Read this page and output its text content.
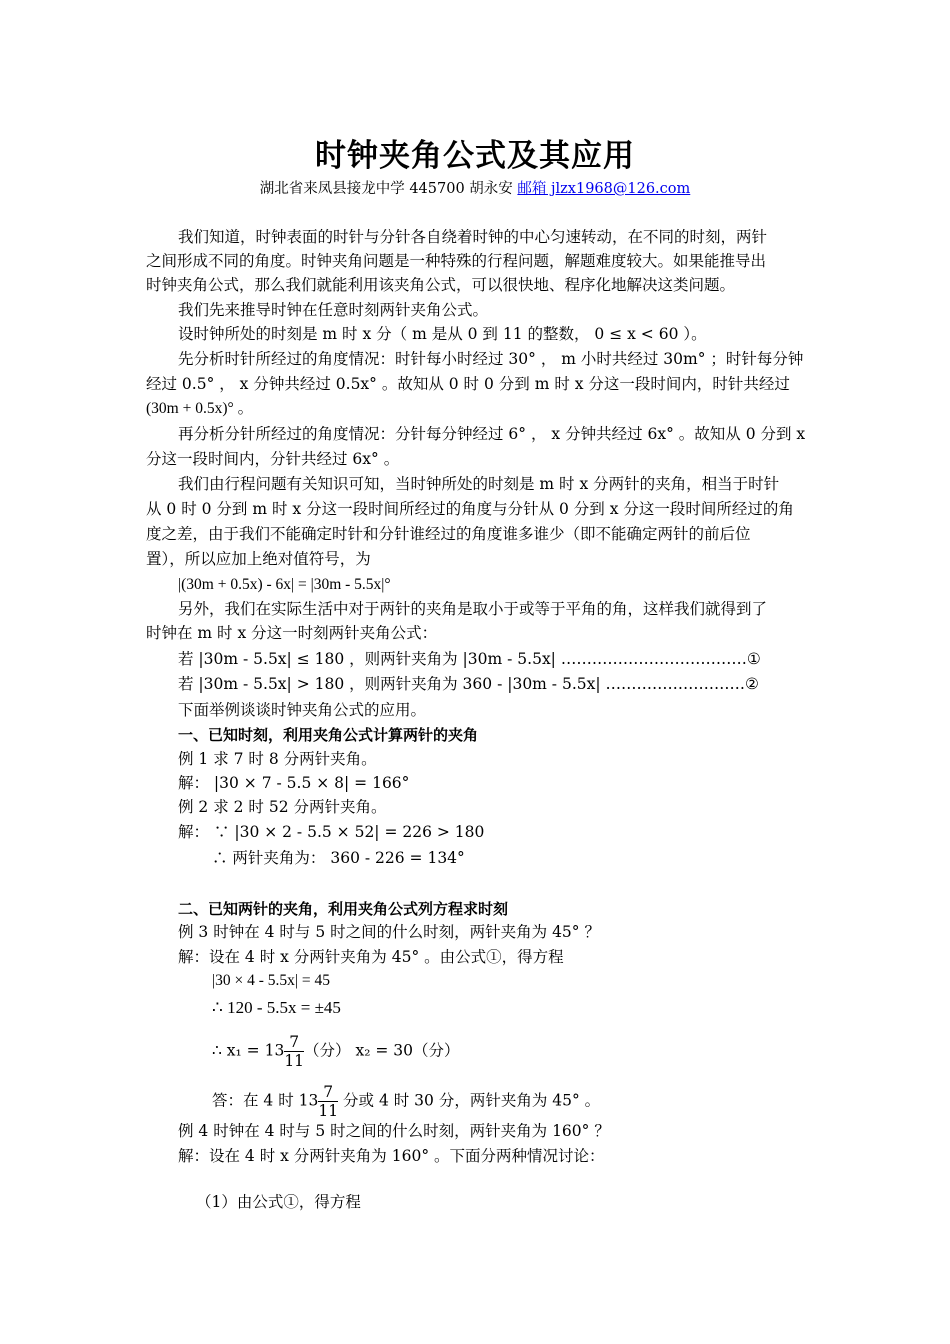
时钟夹角公式及其应用
湖北省来凤县接龙中学 445700 胡永安 邮箱 jlzx1968@126.com
我们知道，时钟表面的时针与分针各自绕着时钟的中心匀速转动，在不同的时刻，两针
之间形成不同的角度。时钟夹角问题是一种特殊的行程问题，解题难度较大。如果能推导出
时钟夹角公式，那么我们就能利用该夹角公式，可以很快地、程序化地解决这类问题。
我们先来推导时钟在任意时刻两针夹角公式。
设时钟所处的时刻是 m 时 x 分（ m 是从 0 到 11 的整数， 0 ≤ x < 60 ）。
先分析时针所经过的角度情况：时针每小时经过 30° ， m 小时共经过 30m° ；时针每分钟
经过 0.5° ， x 分钟共经过 0.5x° 。故知从 0 时 0 分到 m 时 x 分这一段时间内，时针共经过
(30m + 0.5x)° 。
再分析分针所经过的角度情况：分针每分钟经过 6° ， x 分钟共经过 6x° 。故知从 0 分到 x
分这一段时间内，分针共经过 6x° 。
我们由行程问题有关知识可知，当时钟所处的时刻是 m 时 x 分两针的夹角，相当于时针
从 0 时 0 分到 m 时 x 分这一段时间所经过的角度与分针从 0 分到 x 分这一段时间所经过的角
度之差，由于我们不能确定时针和分针谁经过的角度谁多谁少（即不能确定两针的前后位
置），所以应加上绝对值符号，为
|(30m + 0.5x) - 6x| = |30m - 5.5x|°
另外，我们在实际生活中对于两针的夹角是取小于或等于平角的角，这样我们就得到了
时钟在 m 时 x 分这一时刻两针夹角公式：
若 |30m - 5.5x| ≤ 180 ，则两针夹角为 |30m - 5.5x| ………………………………①
若 |30m - 5.5x| > 180 ，则两针夹角为 360 - |30m - 5.5x| ………………………②
下面举例谈谈时钟夹角公式的应用。
一、已知时刻，利用夹角公式计算两针的夹角
例 1 求 7 时 8 分两针夹角。
解： |30 × 7 - 5.5 × 8| = 166°
例 2 求 2 时 52 分两针夹角。
解： ∵ |30 × 2 - 5.5 × 52| = 226 > 180
∴ 两针夹角为： 360 - 226 = 134°
二、已知两针的夹角，利用夹角公式列方程求时刻
例 3 时钟在 4 时与 5 时之间的什么时刻，两针夹角为 45° ？
解：设在 4 时 x 分两针夹角为 45° 。由公式①，得方程
|30 × 4 - 5.5x| = 45
∴ 120 - 5.5x = ±45
∴ $x_1 = 13 \frac{7}{11}$ （分） x₂ = 30（分）
答：在 4 时 $13 \frac{7}{11}$ 分或 4 时 30 分，两针夹角为 45° 。
例 4 时钟在 4 时与 5 时之间的什么时刻，两针夹角为 160° ？
解：设在 4 时 x 分两针夹角为 160° 。下面分两种情况讨论：
（1）由公式①，得方程
